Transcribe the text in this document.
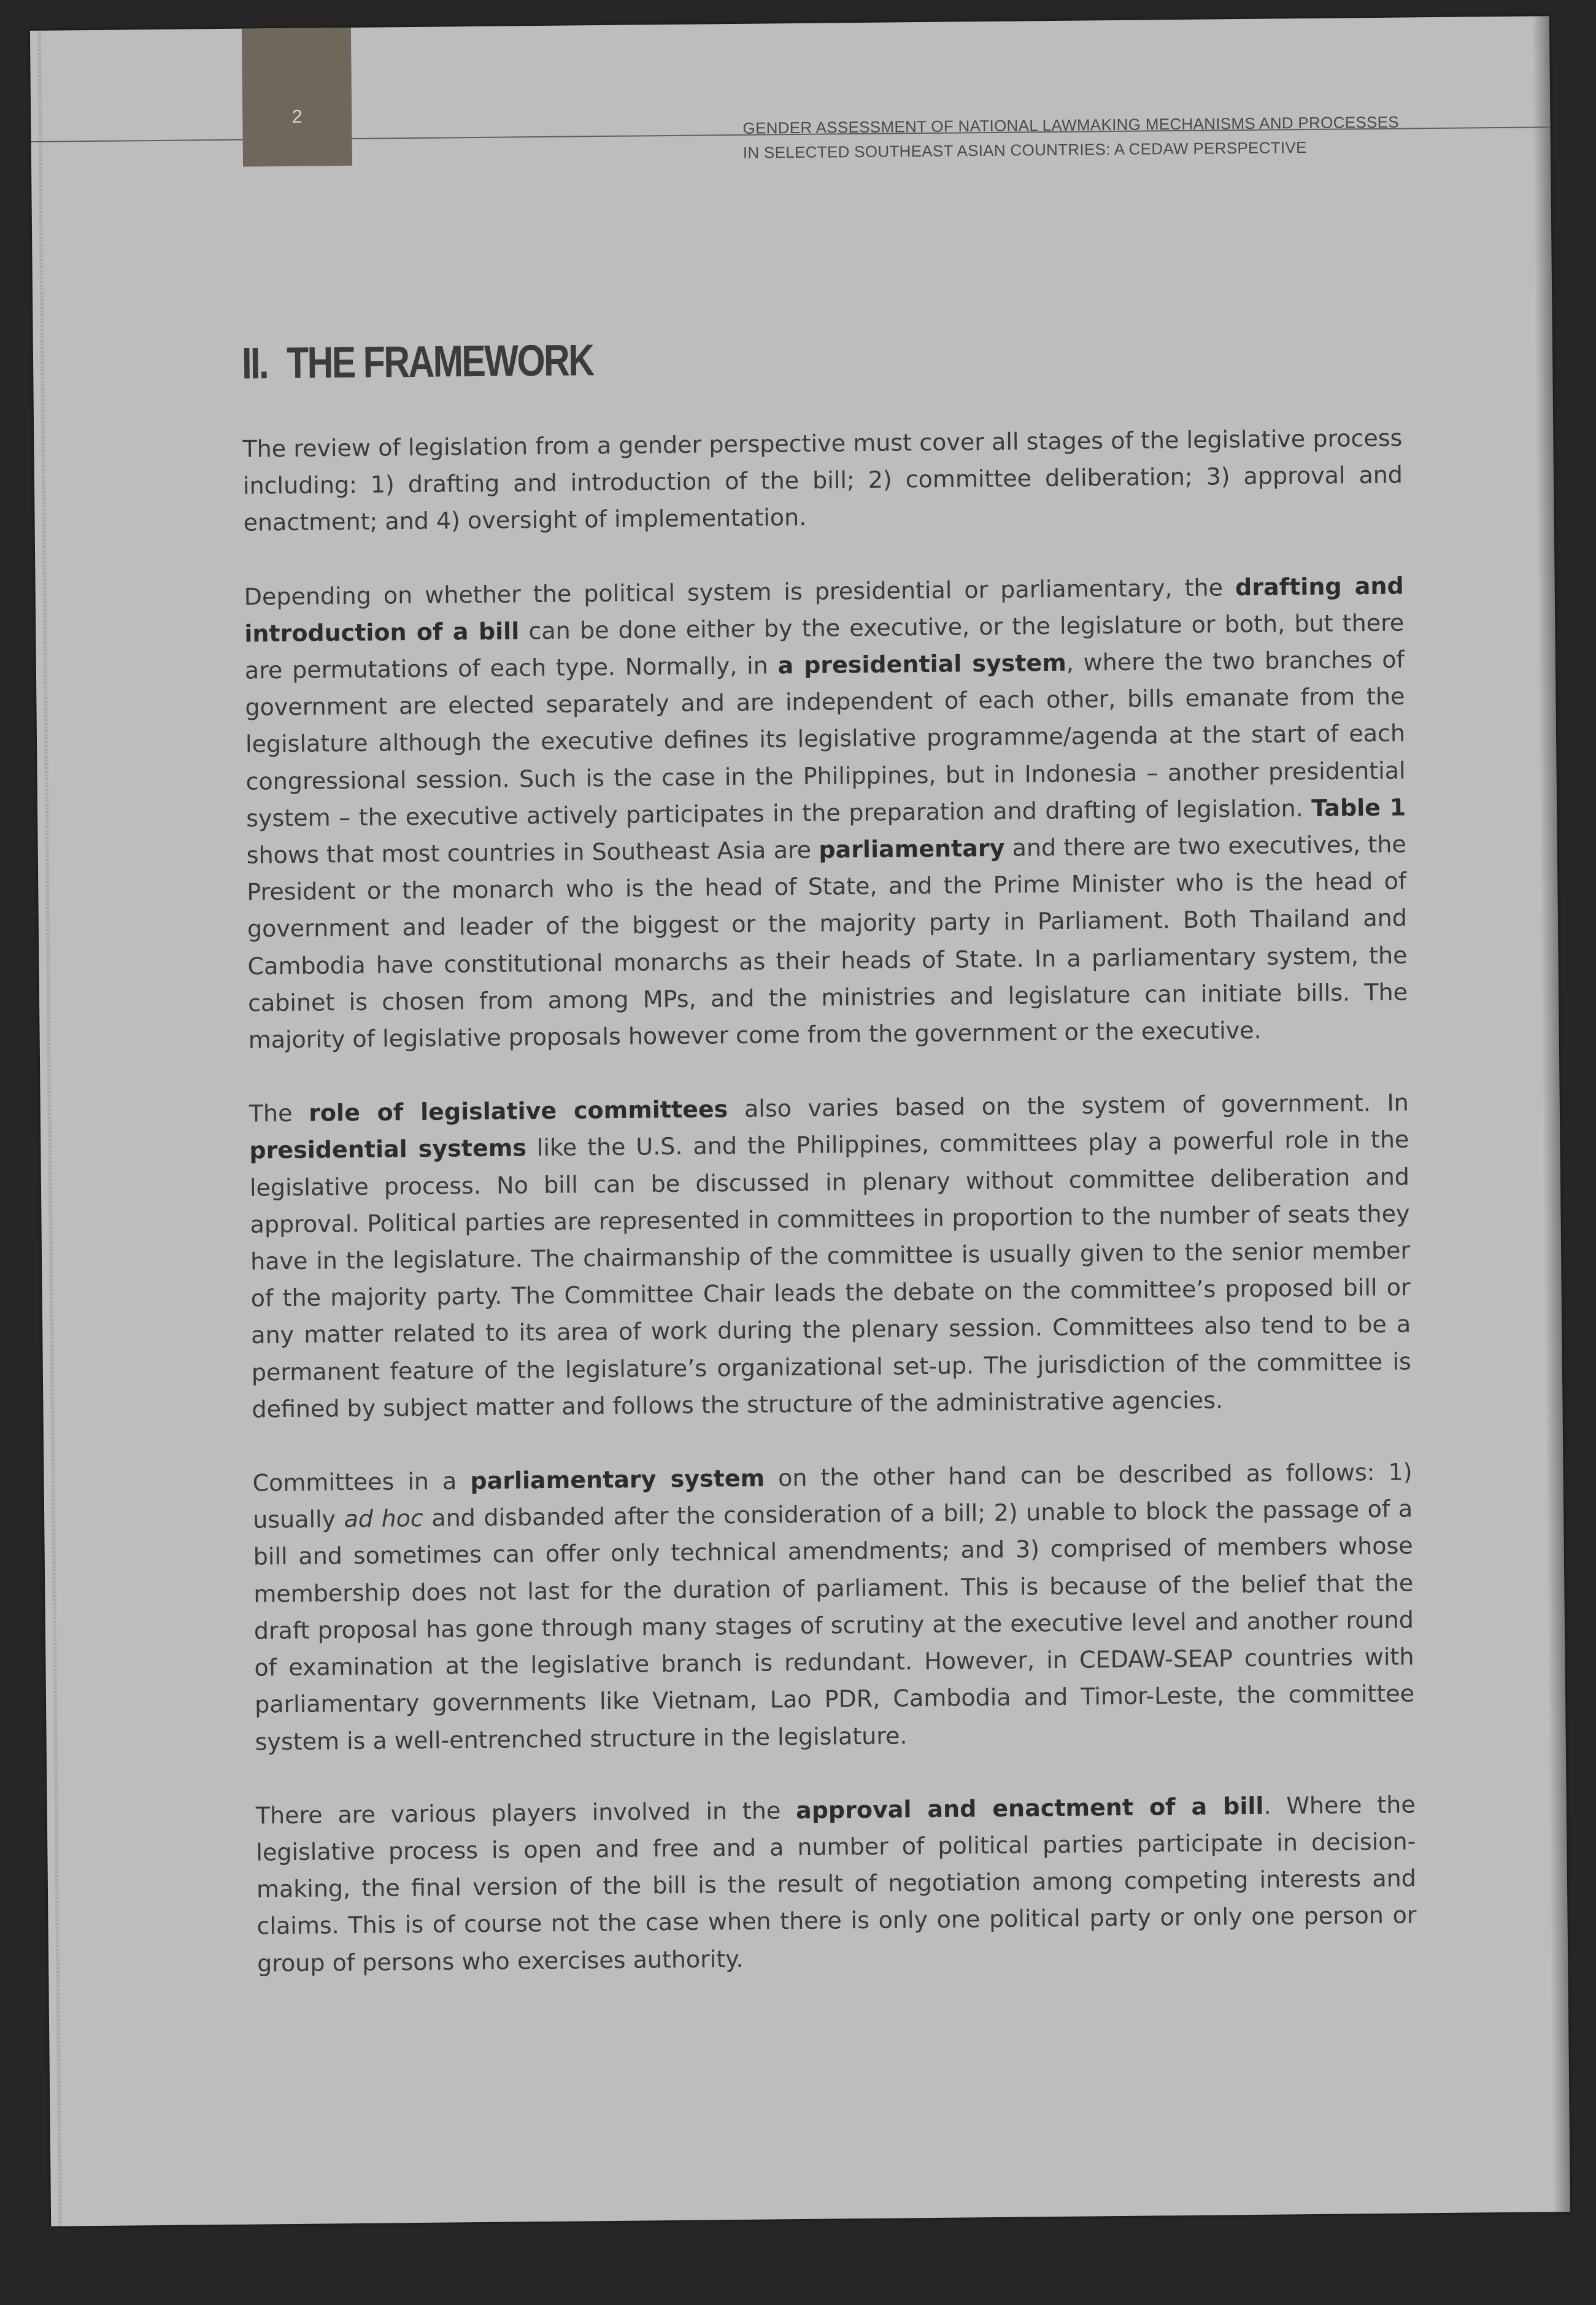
2	GENDER ASSESSMENT OF NATIONAL LAWMAKING MECHANISMS AND PROCESSES
IN SELECTED SOUTHEAST ASIAN COUNTRIES: A CEDAW PERSPECTIVE
II. THE FRAMEWORK

The review of legislation from a gender perspective must cover all stages of the legislative process including: 1) drafting and introduction of the bill; 2) committee deliberation; 3) approval and enactment; and 4) oversight of implementation.

Depending on whether the political system is presidential or parliamentary, the drafting and introduction of a bill can be done either by the executive, or the legislature or both, but there are permutations of each type. Normally, in a presidential system, where the two branches of government are elected separately and are independent of each other, bills emanate from the legislature although the executive defines its legislative programme/agenda at the start of each congressional session. Such is the case in the Philippines, but in Indonesia – another presidential system – the executive actively participates in the preparation and drafting of legislation. Table 1 shows that most countries in Southeast Asia are parliamentary and there are two executives, the President or the monarch who is the head of State, and the Prime Minister who is the head of government and leader of the biggest or the majority party in Parliament. Both Thailand and Cambodia have constitutional monarchs as their heads of State. In a parliamentary system, the cabinet is chosen from among MPs, and the ministries and legislature can initiate bills. The majority of legislative proposals however come from the government or the executive.

The role of legislative committees also varies based on the system of government. In presidential systems like the U.S. and the Philippines, committees play a powerful role in the legislative process. No bill can be discussed in plenary without committee deliberation and approval. Political parties are represented in committees in proportion to the number of seats they have in the legislature. The chairmanship of the committee is usually given to the senior member of the majority party. The Committee Chair leads the debate on the committee’s proposed bill or any matter related to its area of work during the plenary session. Committees also tend to be a permanent feature of the legislature’s organizational set-up. The jurisdiction of the committee is defined by subject matter and follows the structure of the administrative agencies.

Committees in a parliamentary system on the other hand can be described as follows: 1) usually ad hoc and disbanded after the consideration of a bill; 2) unable to block the passage of a bill and sometimes can offer only technical amendments; and 3) comprised of members whose membership does not last for the duration of parliament. This is because of the belief that the draft proposal has gone through many stages of scrutiny at the executive level and another round of examination at the legislative branch is redundant. However, in CEDAW-SEAP countries with parliamentary governments like Vietnam, Lao PDR, Cambodia and Timor-Leste, the committee system is a well-entrenched structure in the legislature.

There are various players involved in the approval and enactment of a bill. Where the legislative process is open and free and a number of political parties participate in decision-making, the final version of the bill is the result of negotiation among competing interests and claims. This is of course not the case when there is only one political party or only one person or group of persons who exercises authority.
